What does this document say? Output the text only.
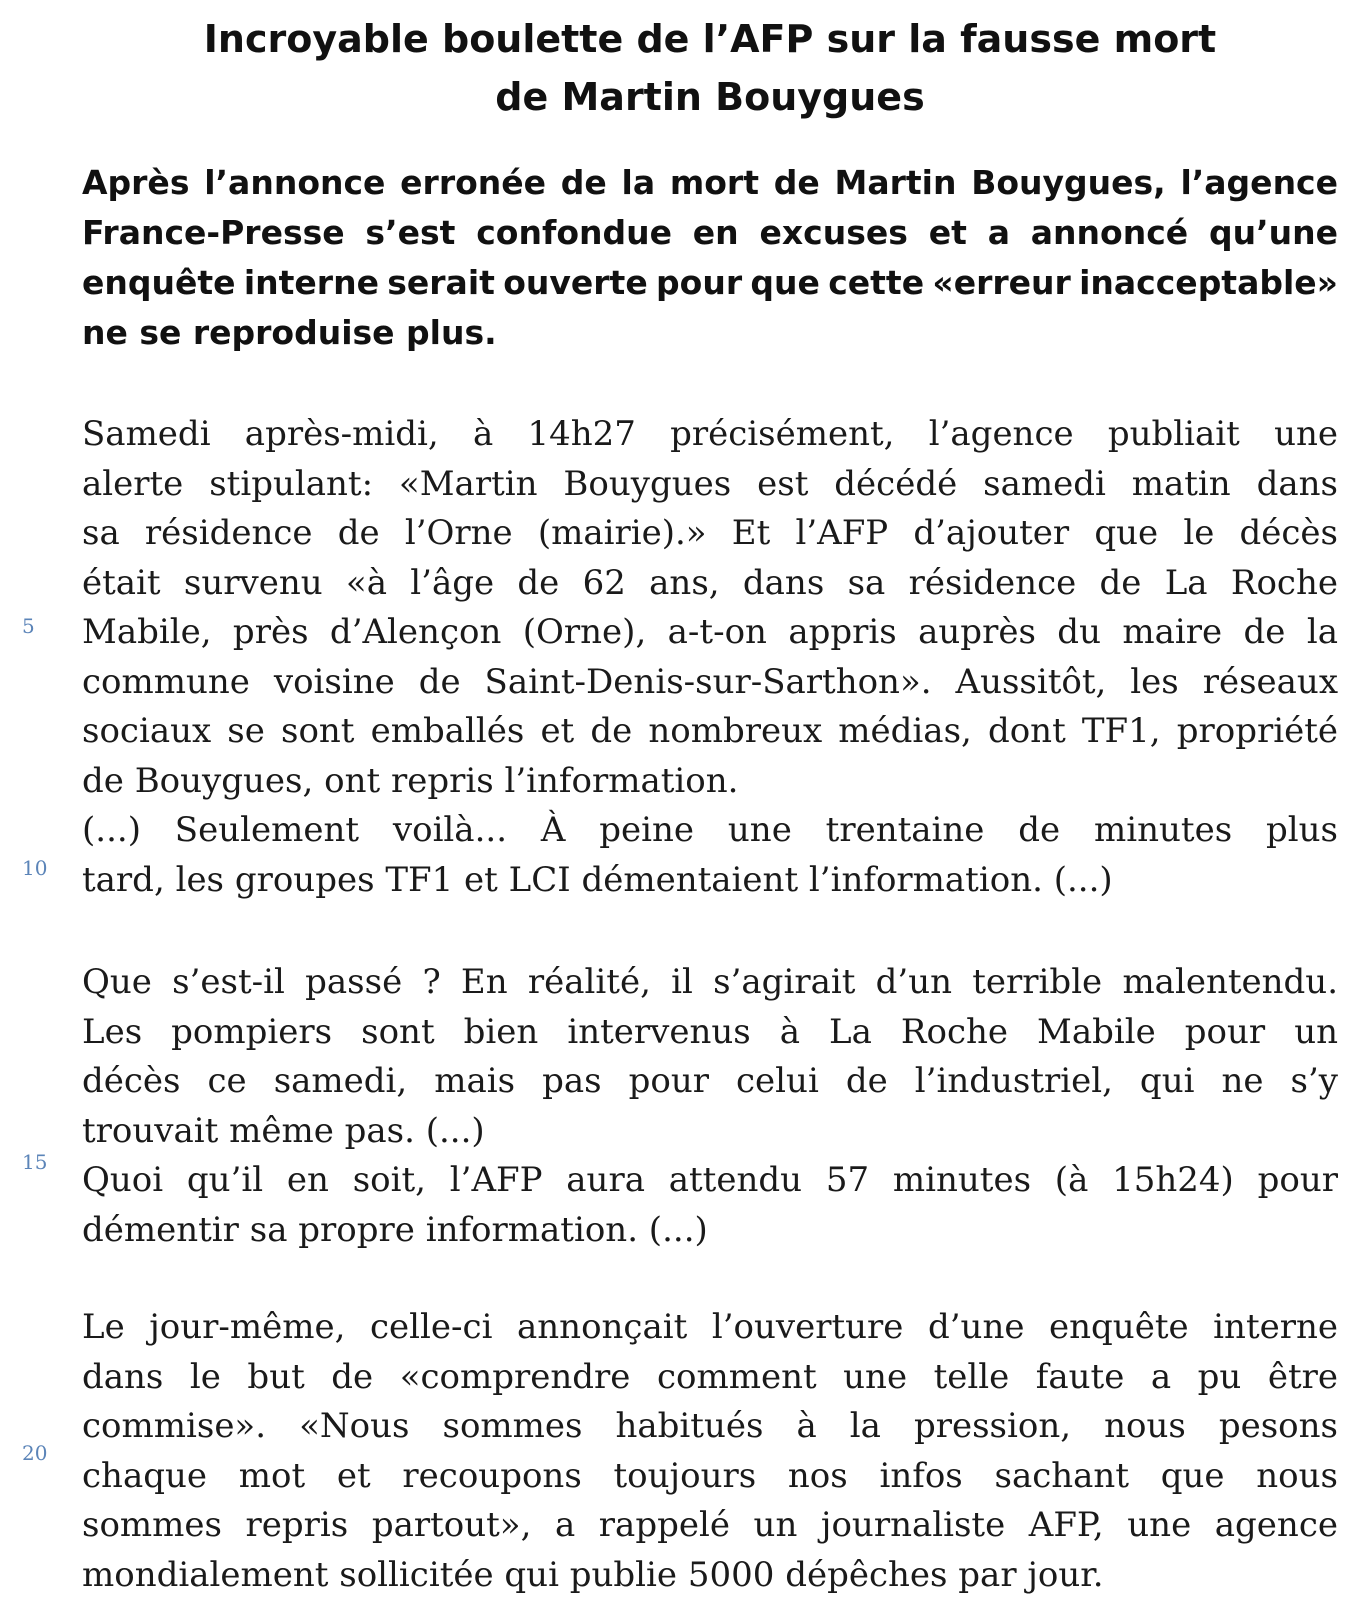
Incroyable boulette de l’AFP sur la fausse mort
de Martin Bouygues
Après l’annonce erronée de la mort de Martin Bouygues, l’agence
France-Presse s’est confondue en excuses et a annoncé qu’une
enquête interne serait ouverte pour que cette «erreur inacceptable»
ne se reproduise plus.
Samedi après-midi, à 14h27 précisément, l’agence publiait une
alerte stipulant: «Martin Bouygues est décédé samedi matin dans
sa résidence de l’Orne (mairie).» Et l’AFP d’ajouter que le décès
était survenu «à l’âge de 62 ans, dans sa résidence de La Roche
Mabile, près d’Alençon (Orne), a-t-on appris auprès du maire de la
commune voisine de Saint-Denis-sur-Sarthon». Aussitôt, les réseaux
sociaux se sont emballés et de nombreux médias, dont TF1, propriété
de Bouygues, ont repris l’information.
(...) Seulement voilà... À peine une trentaine de minutes plus
tard, les groupes TF1 et LCI démentaient l’information. (...)
Que s’est-il passé ? En réalité, il s’agirait d’un terrible malentendu.
Les pompiers sont bien intervenus à La Roche Mabile pour un
décès ce samedi, mais pas pour celui de l’industriel, qui ne s’y
trouvait même pas. (...)
Quoi qu’il en soit, l’AFP aura attendu 57 minutes (à 15h24) pour
démentir sa propre information. (...)
Le jour-même, celle-ci annonçait l’ouverture d’une enquête interne
dans le but de «comprendre comment une telle faute a pu être
commise». «Nous sommes habitués à la pression, nous pesons
chaque mot et recoupons toujours nos infos sachant que nous
sommes repris partout», a rappelé un journaliste AFP, une agence
mondialement sollicitée qui publie 5000 dépêches par jour.
5
10
15
20
